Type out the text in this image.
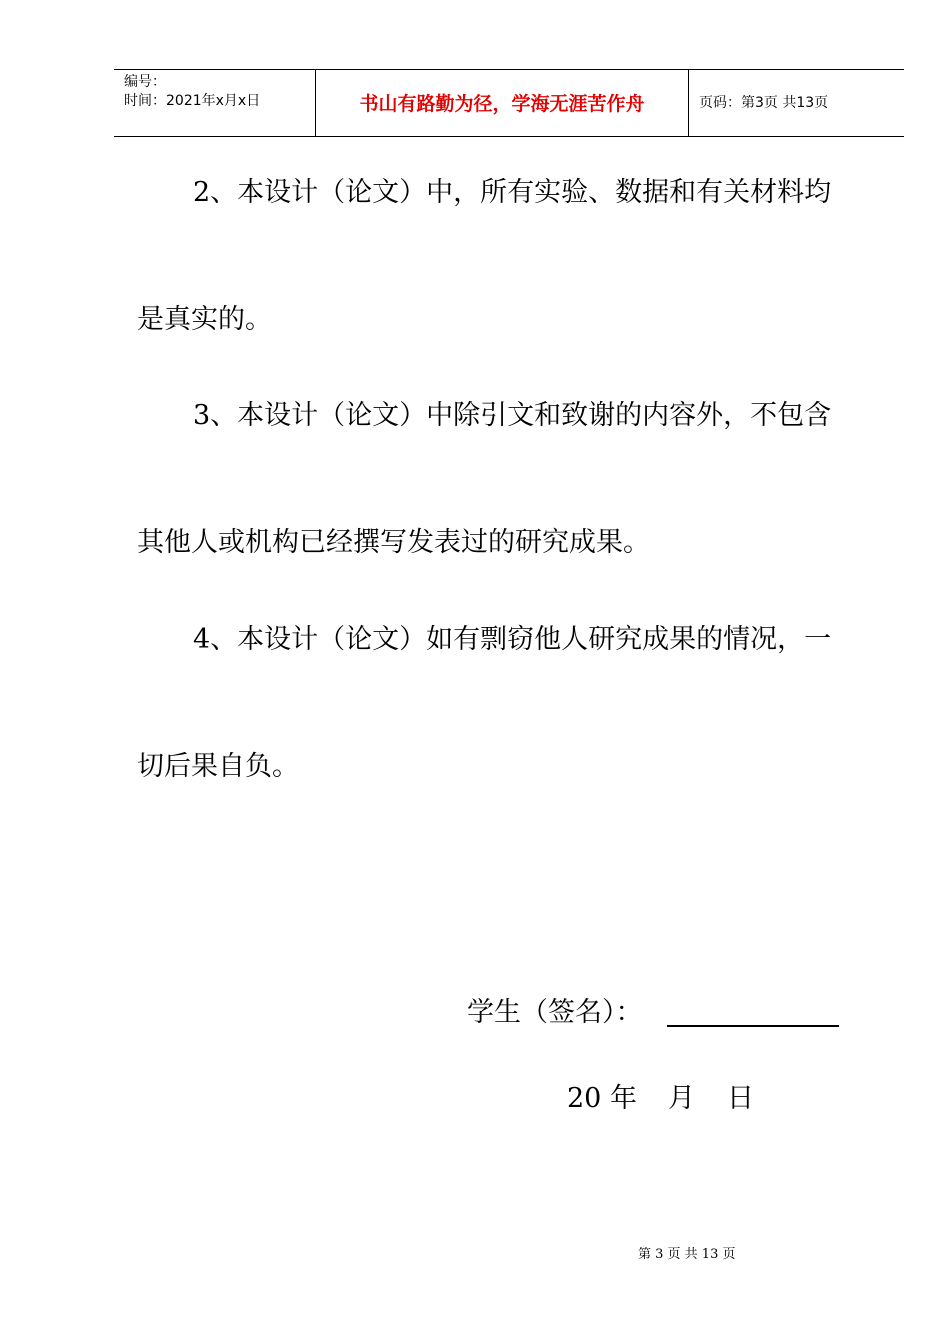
编号：
时间：2021年x月x日	书山有路勤为径，学海无涯苦作舟	页码：第3页 共13页
2、本设计（论文）中，所有实验、数据和有关材料均
是真实的。
3、本设计（论文）中除引文和致谢的内容外，不包含
其他人或机构已经撰写发表过的研究成果。
4、本设计（论文）如有剽窃他人研究成果的情况，一
切后果自负。
学生（签名）：
20 年 月 日
第 3 页 共 13 页
